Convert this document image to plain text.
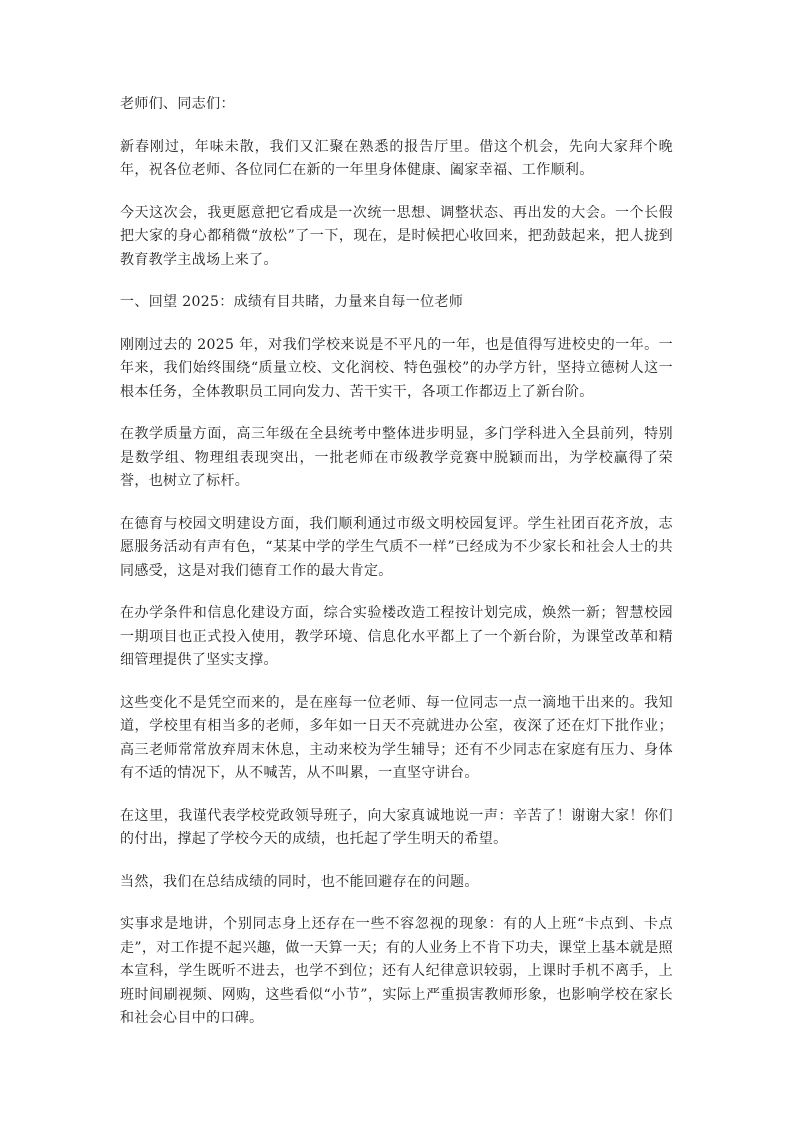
老师们、同志们：

新春刚过，年味未散，我们又汇聚在熟悉的报告厅里。借这个机会，先向大家拜个晚年，祝各位老师、各位同仁在新的一年里身体健康、阖家幸福、工作顺利。

今天这次会，我更愿意把它看成是一次统一思想、调整状态、再出发的大会。一个长假把大家的身心都稍微“放松”了一下，现在，是时候把心收回来，把劲鼓起来，把人拢到教育教学主战场上来了。

一、回望 2025：成绩有目共睹，力量来自每一位老师

刚刚过去的 2025 年，对我们学校来说是不平凡的一年，也是值得写进校史的一年。一年来，我们始终围绕“质量立校、文化润校、特色强校”的办学方针，坚持立德树人这一根本任务，全体教职员工同向发力、苦干实干，各项工作都迈上了新台阶。

在教学质量方面，高三年级在全县统考中整体进步明显，多门学科进入全县前列，特别是数学组、物理组表现突出，一批老师在市级教学竞赛中脱颖而出，为学校赢得了荣誉，也树立了标杆。

在德育与校园文明建设方面，我们顺利通过市级文明校园复评。学生社团百花齐放，志愿服务活动有声有色，“某某中学的学生气质不一样”已经成为不少家长和社会人士的共同感受，这是对我们德育工作的最大肯定。

在办学条件和信息化建设方面，综合实验楼改造工程按计划完成，焕然一新；智慧校园一期项目也正式投入使用，教学环境、信息化水平都上了一个新台阶，为课堂改革和精细管理提供了坚实支撑。

这些变化不是凭空而来的，是在座每一位老师、每一位同志一点一滴地干出来的。我知道，学校里有相当多的老师，多年如一日天不亮就进办公室，夜深了还在灯下批作业；高三老师常常放弃周末休息，主动来校为学生辅导；还有不少同志在家庭有压力、身体有不适的情况下，从不喊苦，从不叫累，一直坚守讲台。

在这里，我谨代表学校党政领导班子，向大家真诚地说一声：辛苦了！谢谢大家！你们的付出，撑起了学校今天的成绩，也托起了学生明天的希望。

当然，我们在总结成绩的同时，也不能回避存在的问题。

实事求是地讲，个别同志身上还存在一些不容忽视的现象：有的人上班“卡点到、卡点走”，对工作提不起兴趣，做一天算一天；有的人业务上不肯下功夫，课堂上基本就是照本宣科，学生既听不进去，也学不到位；还有人纪律意识较弱，上课时手机不离手，上班时间刷视频、网购，这些看似“小节”，实际上严重损害教师形象，也影响学校在家长和社会心目中的口碑。
